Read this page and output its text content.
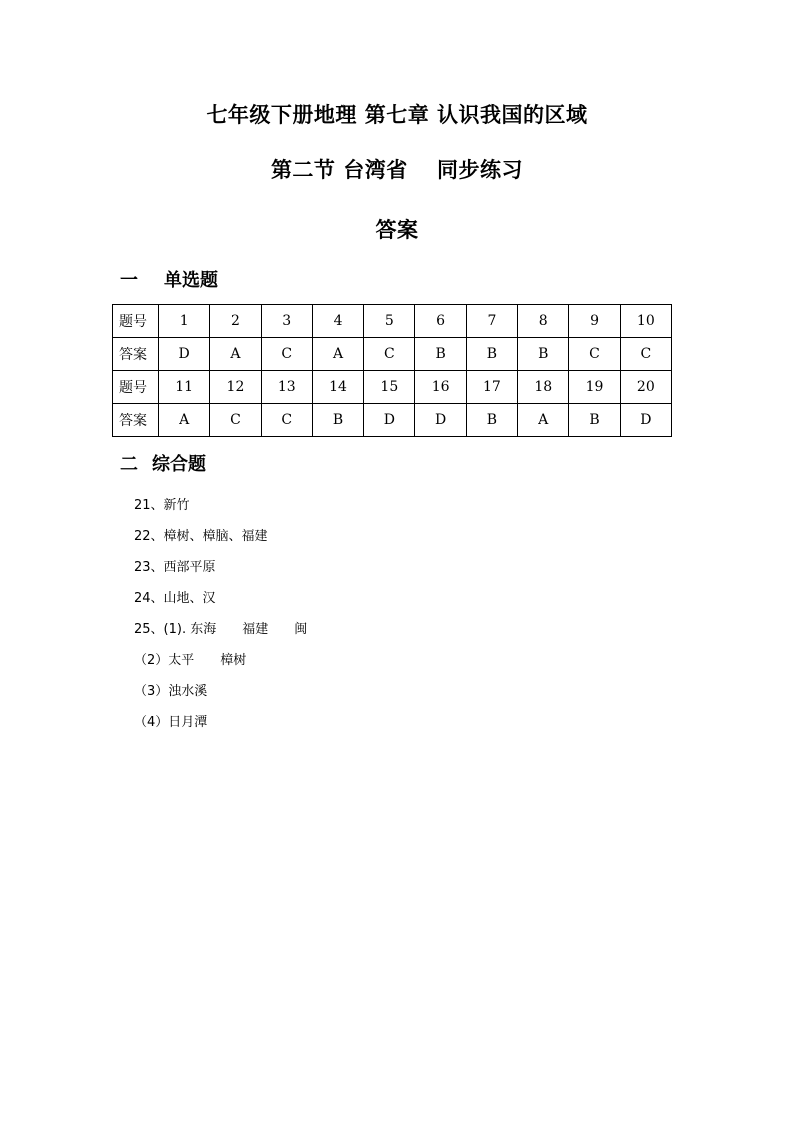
七年级下册地理 第七章 认识我国的区域
第二节 台湾省　 同步练习
答案
一 单选题
题号	1	2	3	4	5	6	7	8	9	10
答案	D	A	C	A	C	B	B	B	C	C
题号	11	12	13	14	15	16	17	18	19	20
答案	A	C	C	B	D	D	B	A	B	D
二 综合题
21、新竹
22、樟树、樟脑、福建
23、西部平原
24、山地、汉
25、(1). 东海 福建 闽
（2）太平 樟树
（3）浊水溪
（4）日月潭
